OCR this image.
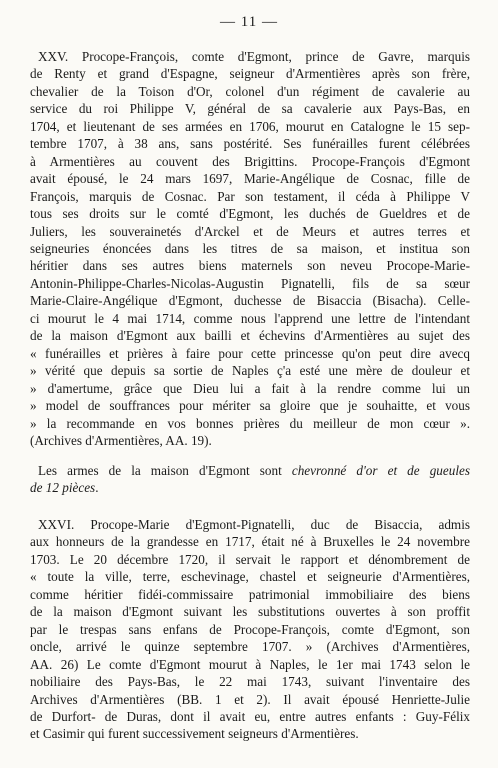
— 11 —
XXV. Procope-François, comte d'Egmont, prince de Gavre, marquis
de Renty et grand d'Espagne, seigneur d'Armentières après son frère,
chevalier de la Toison d'Or, colonel d'un régiment de cavalerie au
service du roi Philippe V, général de sa cavalerie aux Pays-Bas, en
1704, et lieutenant de ses armées en 1706, mourut en Catalogne le 15 sep-
tembre 1707, à 38 ans, sans postérité. Ses funérailles furent célébrées
à Armentières au couvent des Brigittins. Procope-François d'Egmont
avait épousé, le 24 mars 1697, Marie-Angélique de Cosnac, fille de
François, marquis de Cosnac. Par son testament, il céda à Philippe V
tous ses droits sur le comté d'Egmont, les duchés de Gueldres et de
Juliers, les souverainetés d'Arckel et de Meurs et autres terres et
seigneuries énoncées dans les titres de sa maison, et institua son
héritier dans ses autres biens maternels son neveu Procope-Marie-
Antonin-Philippe-Charles-Nicolas-Augustin Pignatelli, fils de sa sœur
Marie-Claire-Angélique d'Egmont, duchesse de Bisaccia (Bisacha). Celle-
ci mourut le 4 mai 1714, comme nous l'apprend une lettre de l'intendant
de la maison d'Egmont aux bailli et échevins d'Armentières au sujet des
« funérailles et prières à faire pour cette princesse qu'on peut dire avecq
» vérité que depuis sa sortie de Naples ç'a esté une mère de douleur et
» d'amertume, grâce que Dieu lui a fait à la rendre comme lui un
» model de souffrances pour mériter sa gloire que je souhaitte, et vous
» la recommande en vos bonnes prières du meilleur de mon cœur ».
(Archives d'Armentières, AA. 19).
Les armes de la maison d'Egmont sont chevronné d'or et de gueules
de 12 pièces.
XXVI. Procope-Marie d'Egmont-Pignatelli, duc de Bisaccia, admis
aux honneurs de la grandesse en 1717, était né à Bruxelles le 24 novembre
1703. Le 20 décembre 1720, il servait le rapport et dénombrement de
« toute la ville, terre, eschevinage, chastel et seigneurie d'Armentières,
comme héritier fidéi-commissaire patrimonial immobiliaire des biens
de la maison d'Egmont suivant les substitutions ouvertes à son proffit
par le trespas sans enfans de Procope-François, comte d'Egmont, son
oncle, arrivé le quinze septembre 1707. » (Archives d'Armentières,
AA. 26) Le comte d'Egmont mourut à Naples, le 1er mai 1743 selon le
nobiliaire des Pays-Bas, le 22 mai 1743, suivant l'inventaire des
Archives d'Armentières (BB. 1 et 2). Il avait épousé Henriette-Julie
de Durfort- de Duras, dont il avait eu, entre autres enfants : Guy-Félix
et Casimir qui furent successivement seigneurs d'Armentières.
